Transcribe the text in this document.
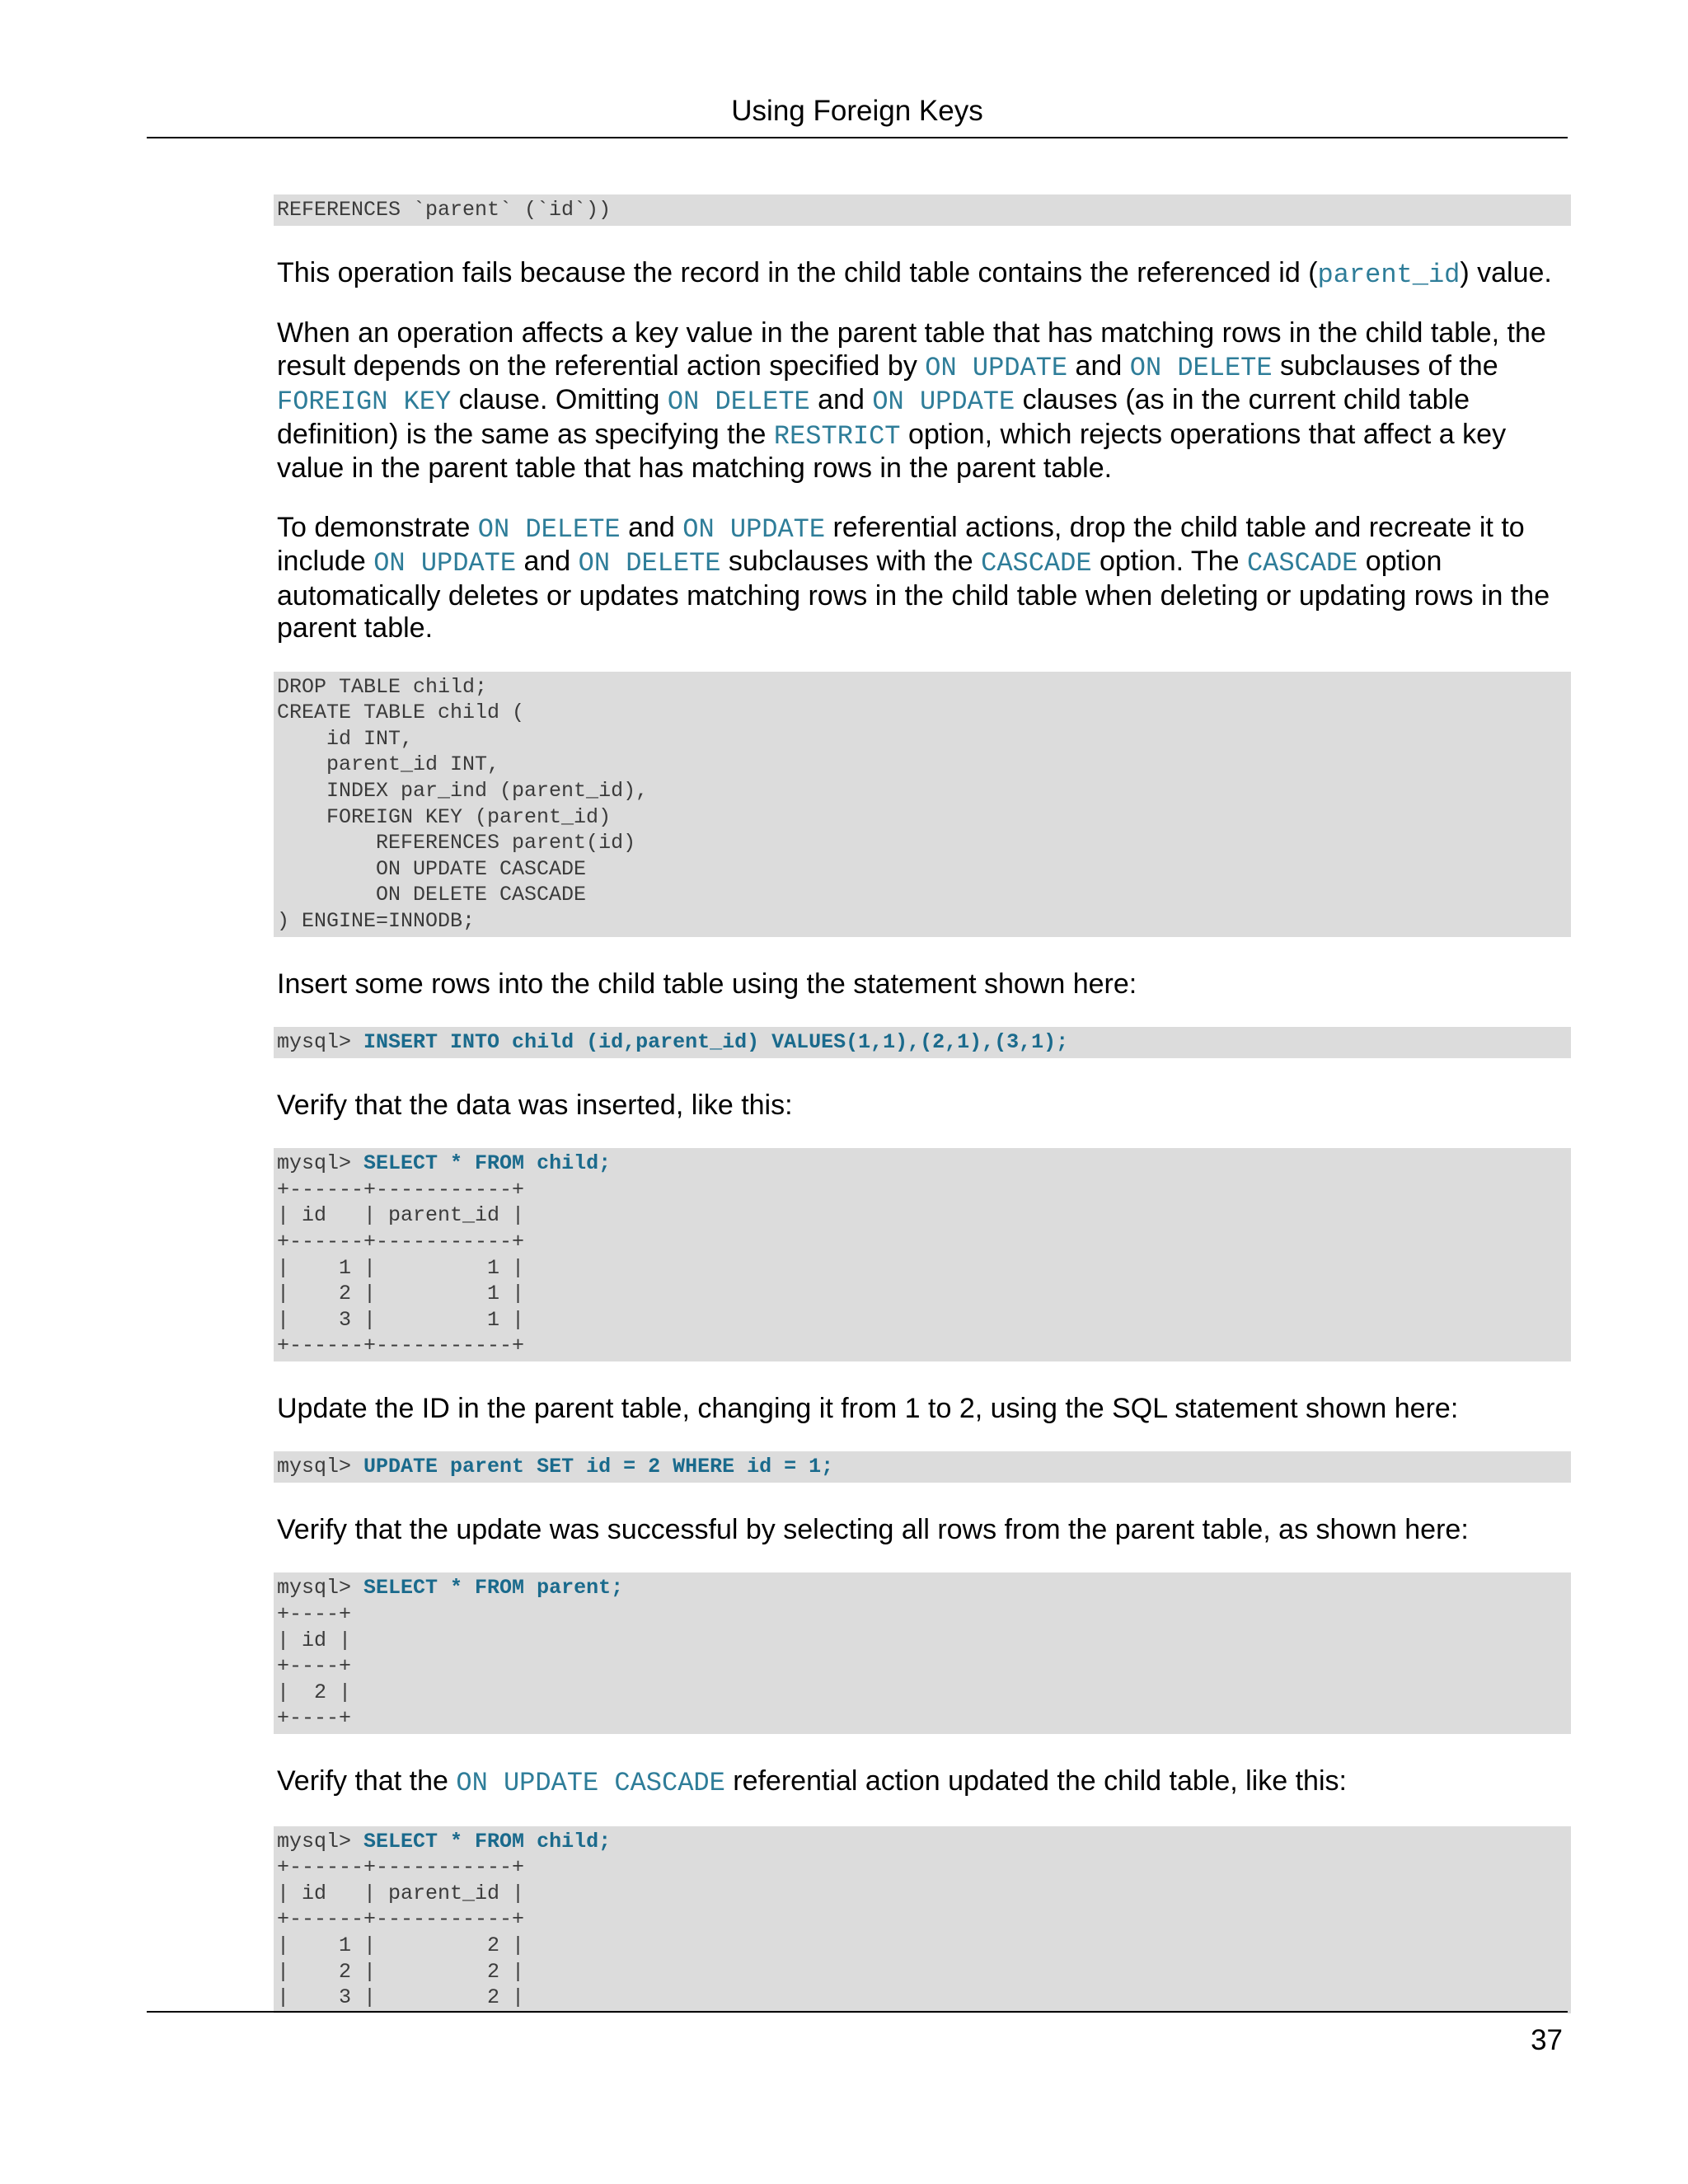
Using Foreign Keys
REFERENCES `parent` (`id`))
This operation fails because the record in the child table contains the referenced id (parent_id) value.
When an operation affects a key value in the parent table that has matching rows in the child table, the result depends on the referential action specified by ON UPDATE and ON DELETE subclauses of the FOREIGN KEY clause. Omitting ON DELETE and ON UPDATE clauses (as in the current child table definition) is the same as specifying the RESTRICT option, which rejects operations that affect a key value in the parent table that has matching rows in the parent table.
To demonstrate ON DELETE and ON UPDATE referential actions, drop the child table and recreate it to include ON UPDATE and ON DELETE subclauses with the CASCADE option. The CASCADE option automatically deletes or updates matching rows in the child table when deleting or updating rows in the parent table.
DROP TABLE child;
CREATE TABLE child (
id INT,
parent_id INT,
INDEX par_ind (parent_id),
FOREIGN KEY (parent_id)
REFERENCES parent(id)
ON UPDATE CASCADE
ON DELETE CASCADE
) ENGINE=INNODB;
Insert some rows into the child table using the statement shown here:
mysql> INSERT INTO child (id,parent_id) VALUES(1,1),(2,1),(3,1);
Verify that the data was inserted, like this:
mysql> SELECT * FROM child;
+------+-----------+
| id   | parent_id |
+------+-----------+
|    1 |         1 |
|    2 |         1 |
|    3 |         1 |
+------+-----------+
Update the ID in the parent table, changing it from 1 to 2, using the SQL statement shown here:
mysql> UPDATE parent SET id = 2 WHERE id = 1;
Verify that the update was successful by selecting all rows from the parent table, as shown here:
mysql> SELECT * FROM parent;
+----+
| id |
+----+
|  2 |
+----+
Verify that the ON UPDATE CASCADE referential action updated the child table, like this:
mysql> SELECT * FROM child;
+------+-----------+
| id   | parent_id |
+------+-----------+
|    1 |         2 |
|    2 |         2 |
|    3 |         2 |
37
